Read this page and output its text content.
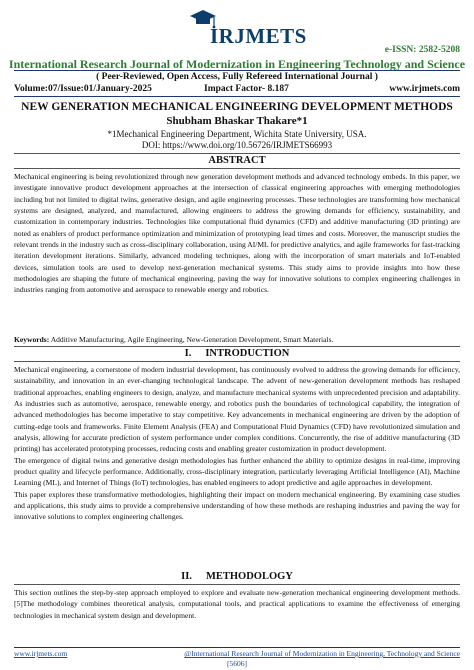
IRJMETS
e-ISSN: 2582-5208
International Research Journal of Modernization in Engineering Technology and Science
( Peer-Reviewed, Open Access, Fully Refereed International Journal )
Volume:07/Issue:01/January-2025	Impact Factor- 8.187	www.irjmets.com
NEW GENERATION MECHANICAL ENGINEERING DEVELOPMENT METHODS
Shubham Bhaskar Thakare*1
*1Mechanical Engineering Department, Wichita State University, USA.
DOI: https://www.doi.org/10.56726/IRJMETS66993
ABSTRACT

Mechanical engineering is being revolutionized through new generation development methods and advanced technology embeds. In this paper, we investigate innovative product development approaches at the intersection of classical engineering approaches with emerging methodologies including but not limited to digital twins, generative design, and agile engineering processes. These technologies are transforming how mechanical systems are designed, analyzed, and manufactured, allowing engineers to address the growing demands for efficiency, sustainability, and customization in contemporary industries. Technologies like computational fluid dynamics (CFD) and additive manufacturing (3D printing) are noted as enablers of product performance optimization and minimization of prototyping lead times and costs. Moreover, the manuscript studies the relevant trends in the industry such as cross-disciplinary collaboration, using AI/ML for predictive analytics, and agile frameworks for fast-tracking iteration development iterations. Similarly, advanced modeling techniques, along with the incorporation of smart materials and IoT-enabled devices, simulation tools are used to develop next-generation mechanical systems. This study aims to provide insights into how these methodologies are shaping the future of mechanical engineering, paving the way for innovative solutions to complex engineering challenges in industries ranging from automotive and aerospace to renewable energy and robotics.

Keywords: Additive Manufacturing, Agile Engineering, New-Generation Development, Smart Materials.
I. INTRODUCTION

Mechanical engineering, a cornerstone of modern industrial development, has continuously evolved to address the growing demands for efficiency, sustainability, and innovation in an ever-changing technological landscape. The advent of new-generation development methods has reshaped traditional approaches, enabling engineers to design, analyze, and manufacture mechanical systems with unprecedented precision and adaptability. As industries such as automotive, aerospace, renewable energy, and robotics push the boundaries of technological capability, the integration of advanced methodologies has become imperative to stay competitive. Key advancements in mechanical engineering are driven by the adoption of cutting-edge tools and frameworks. Finite Element Analysis (FEA) and Computational Fluid Dynamics (CFD) have revolutionized simulation and analysis, allowing for accurate prediction of system performance under complex conditions. Concurrently, the rise of additive manufacturing (3D printing) has accelerated prototyping processes, reducing costs and enabling greater customization in product development.

The emergence of digital twins and generative design methodologies has further enhanced the ability to optimize designs in real-time, improving product quality and lifecycle performance. Additionally, cross-disciplinary integration, particularly leveraging Artificial Intelligence (AI), Machine Learning (ML), and Internet of Things (IoT) technologies, has enabled engineers to adopt predictive and agile approaches in development.

This paper explores these transformative methodologies, highlighting their impact on modern mechanical engineering. By examining case studies and applications, this study aims to provide a comprehensive understanding of how these methods are reshaping industries and paving the way for innovative solutions to complex engineering challenges.

II. METHODOLOGY

This section outlines the step-by-step approach employed to explore and evaluate new-generation mechanical engineering development methods. [5]The methodology combines theoretical analysis, computational tools, and practical applications to examine the effectiveness of emerging technologies in mechanical system design and development.

www.irjmets.com	@International Research Journal of Modernization in Engineering, Technology and Science
[5606]
